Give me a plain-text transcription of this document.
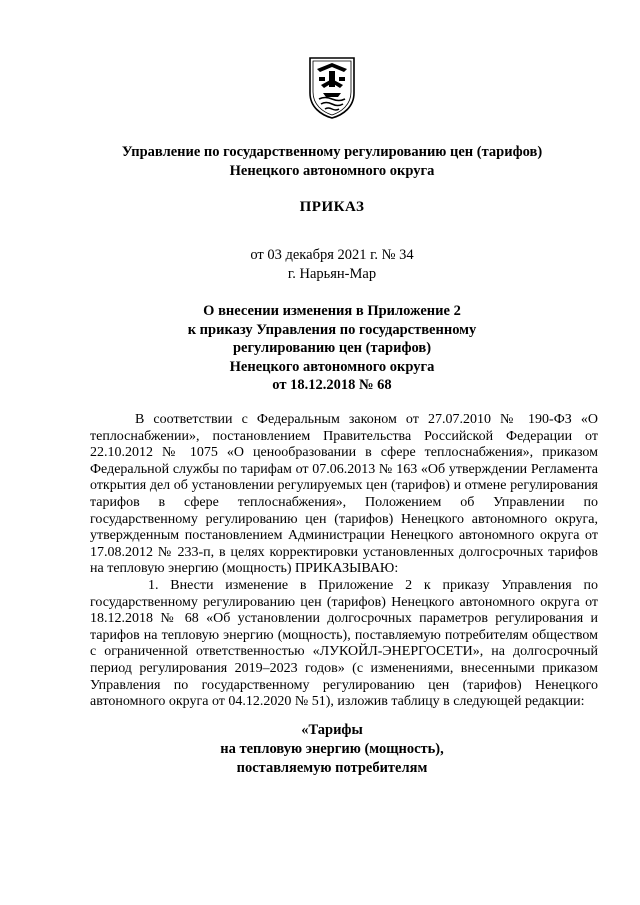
Управление по государственному регулированию цен (тарифов)
Ненецкого автономного округа
ПРИКАЗ
от 03 декабря 2021 г. № 34
г. Нарьян-Мар
О внесении изменения в Приложение 2
к приказу Управления по государственному
регулированию цен (тарифов)
Ненецкого автономного округа
от 18.12.2018 № 68

В соответствии с Федеральным законом от 27.07.2010 № 190-ФЗ «О теплоснабжении», постановлением Правительства Российской Федерации от 22.10.2012 № 1075 «О ценообразовании в сфере теплоснабжения», приказом Федеральной службы по тарифам от 07.06.2013 № 163 «Об утверждении Регламента открытия дел об установлении регулируемых цен (тарифов) и отмене регулирования тарифов в сфере теплоснабжения», Положением об Управлении по государственному регулированию цен (тарифов) Ненецкого автономного округа, утвержденным постановлением Администрации Ненецкого автономного округа от 17.08.2012 № 233-п, в целях корректировки установленных долгосрочных тарифов на тепловую энергию (мощность) ПРИКАЗЫВАЮ:

1. Внести изменение в Приложение 2 к приказу Управления по государственному регулированию цен (тарифов) Ненецкого автономного округа от 18.12.2018 № 68 «Об установлении долгосрочных параметров регулирования и тарифов на тепловую энергию (мощность), поставляемую потребителям обществом с ограниченной ответственностью «ЛУКОЙЛ-ЭНЕРГОСЕТИ», на долгосрочный период регулирования 2019–2023 годов» (с изменениями, внесенными приказом Управления по государственному регулированию цен (тарифов) Ненецкого автономного округа от 04.12.2020 № 51), изложив таблицу в следующей редакции:

«Тарифы
на тепловую энергию (мощность),
поставляемую потребителям
